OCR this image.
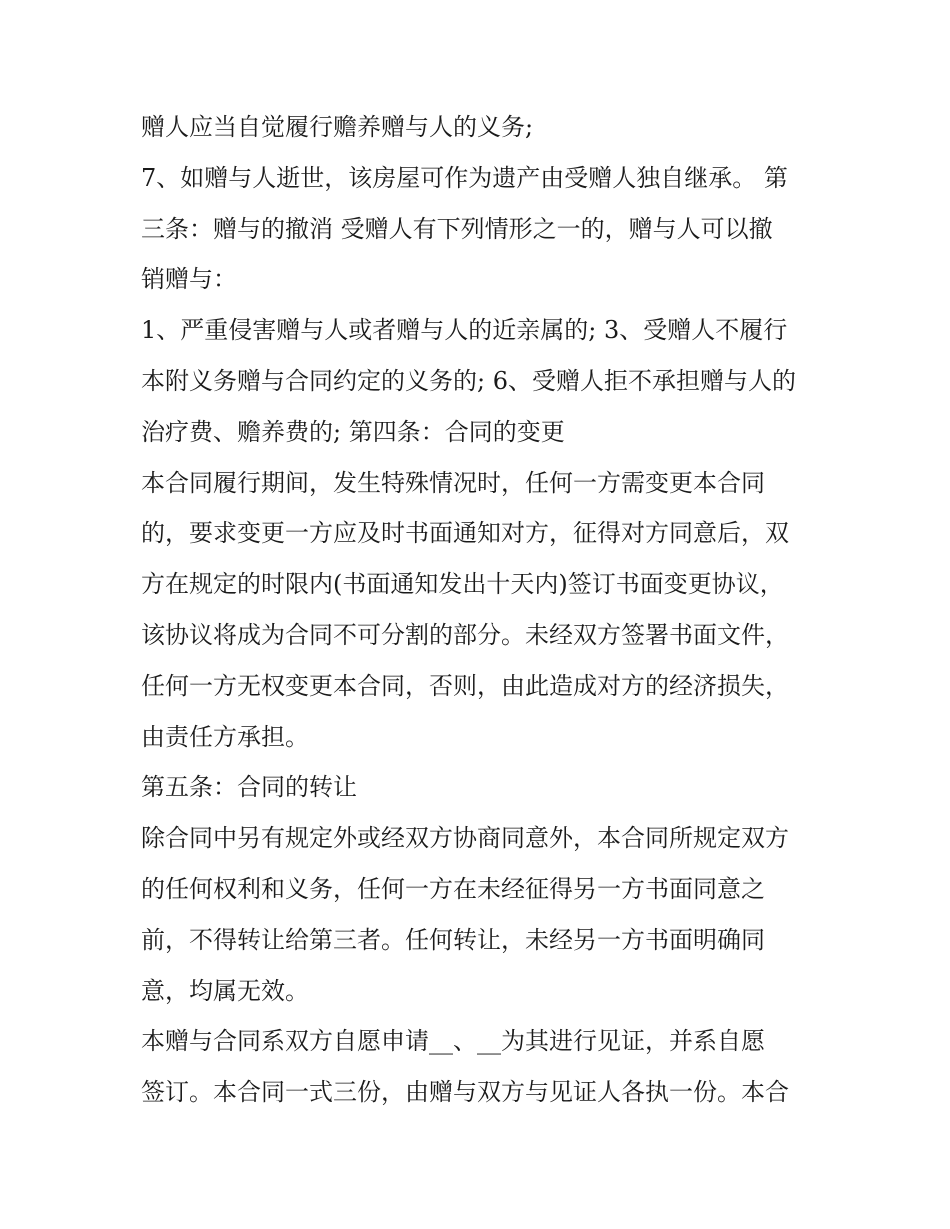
赠人应当自觉履行赡养赠与人的义务;
7、如赠与人逝世，该房屋可作为遗产由受赠人独自继承。 第
三条：赠与的撤消 受赠人有下列情形之一的，赠与人可以撤
销赠与：
1、严重侵害赠与人或者赠与人的近亲属的; 3、受赠人不履行
本附义务赠与合同约定的义务的; 6、受赠人拒不承担赠与人的
治疗费、赡养费的; 第四条：合同的变更
本合同履行期间，发生特殊情况时，任何一方需变更本合同
的，要求变更一方应及时书面通知对方，征得对方同意后，双
方在规定的时限内(书面通知发出十天内)签订书面变更协议，
该协议将成为合同不可分割的部分。未经双方签署书面文件，
任何一方无权变更本合同，否则，由此造成对方的经济损失，
由责任方承担。
第五条：合同的转让
除合同中另有规定外或经双方协商同意外，本合同所规定双方
的任何权利和义务，任何一方在未经征得另一方书面同意之
前，不得转让给第三者。任何转让，未经另一方书面明确同
意，均属无效。
本赠与合同系双方自愿申请__、__为其进行见证，并系自愿
签订。本合同一式三份，由赠与双方与见证人各执一份。本合
